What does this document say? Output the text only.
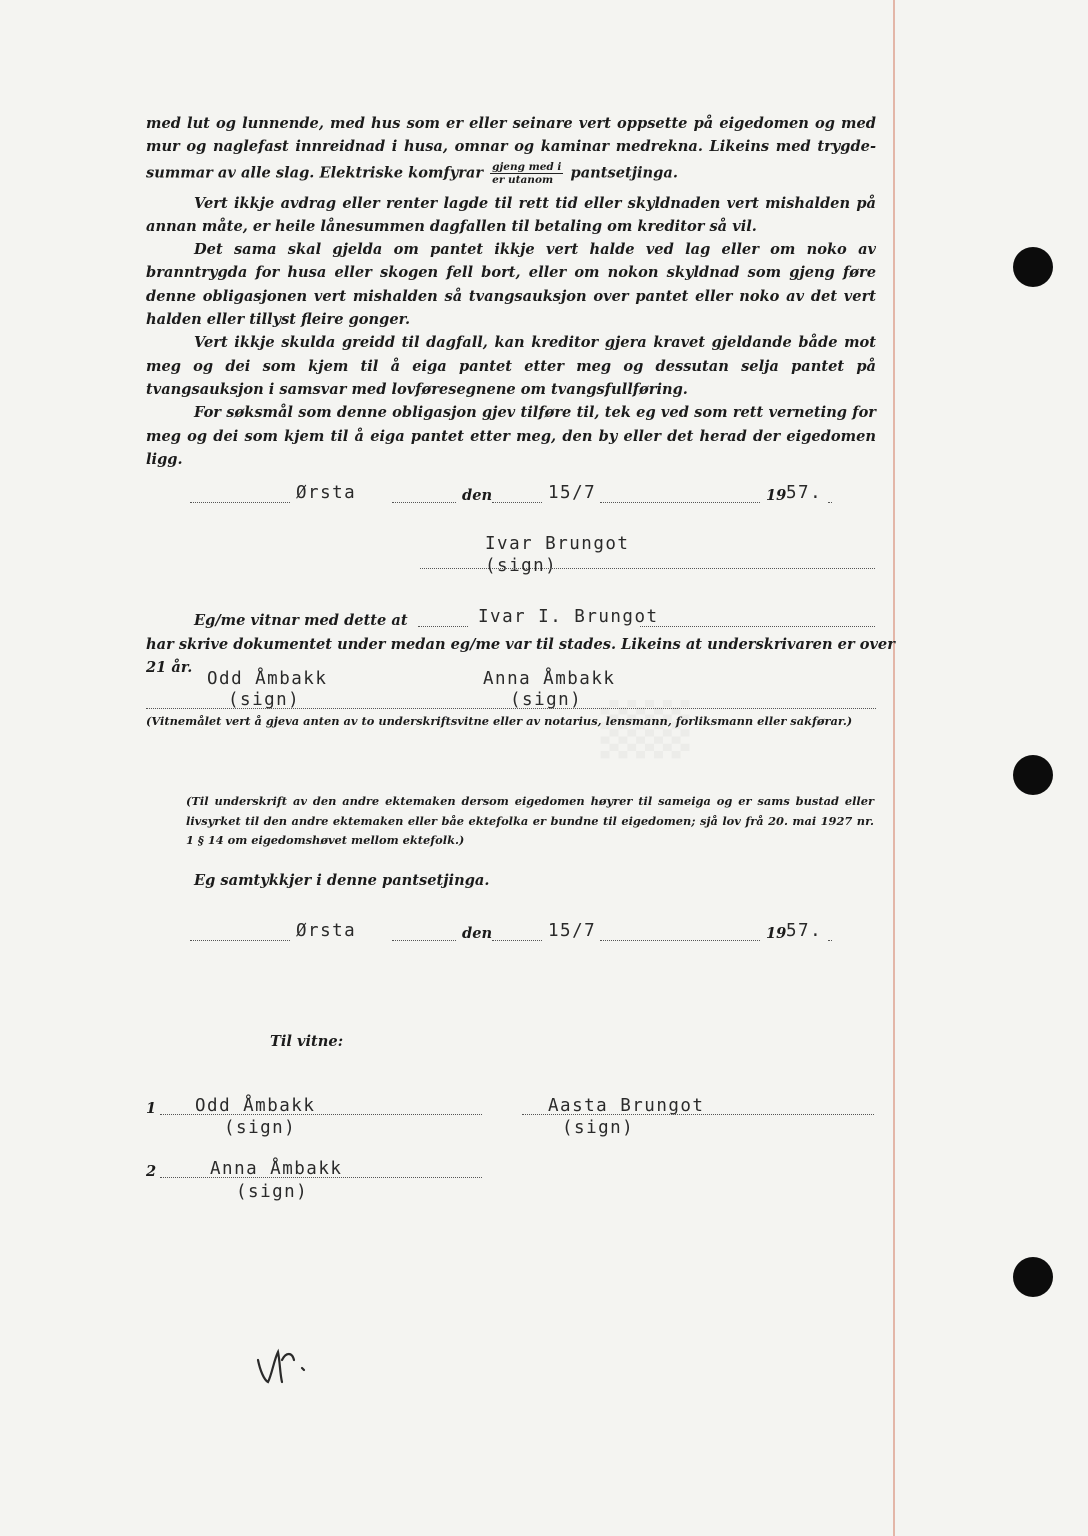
▒

med lut og lunnende, med hus som er eller seinare vert oppsette på eigedomen og med

mur og naglefast innreidnad i husa, omnar og kaminar medrekna. Likeins med trygde-

summar av alle slag. Elektriske komfyrar $\frac{\text{gjeng med i}}{\text{er utanom}}$ pantsetjinga.

Vert ikkje avdrag eller renter lagde til rett tid eller skyldnaden vert mishalden på annan måte, er heile lånesummen dagfallen til betaling om kreditor så vil.

Det sama skal gjelda om pantet ikkje vert halde ved lag eller om noko av branntrygda for husa eller skogen fell bort, eller om nokon skyldnad som gjeng føre denne obligasjonen vert mishalden så tvangsauksjon over pantet eller noko av det vert halden eller tillyst fleire gonger.

Vert ikkje skulda greidd til dagfall, kan kreditor gjera kravet gjeldande både mot meg og dei som kjem til å eiga pantet etter meg og dessutan selja pantet på tvangsauksjon i samsvar med lovføresegnene om tvangsfullføring.

For søksmål som denne obligasjon gjev tilføre til, tek eg ved som rett verneting for meg og dei som kjem til å eiga pantet etter meg, den by eller det herad der eigedomen ligg.

Ørsta	den	15/7	19 57.
Ivar Brungot
(sign)
Eg/me vitnar med dette at	Ivar I. Brungot
har skrive dokumentet under medan eg/me var til stades. Likeins at underskrivaren er over
21 år.
Odd Åmbakk
(sign)
Anna Åmbakk
(sign)
(Vitnemålet vert å gjeva anten av to underskriftsvitne eller av notarius, lensmann, forliksmann eller sakførar.)

(Til underskrift av den andre ektemaken dersom eigedomen høyrer til sameiga og er sams bustad eller livsyrket til den andre ektemaken eller båe ektefolka er bundne til eigedomen; sjå lov frå 20. mai 1927 nr. 1 § 14 om eigedomshøvet mellom ektefolk.)

Eg samtykkjer i denne pantsetjinga.
Ørsta	den	15/7	19 57.
Til vitne:
1 Odd Åmbakk
(sign)
Aasta Brungot
(sign)
2	Anna Åmbakk
(sign)
